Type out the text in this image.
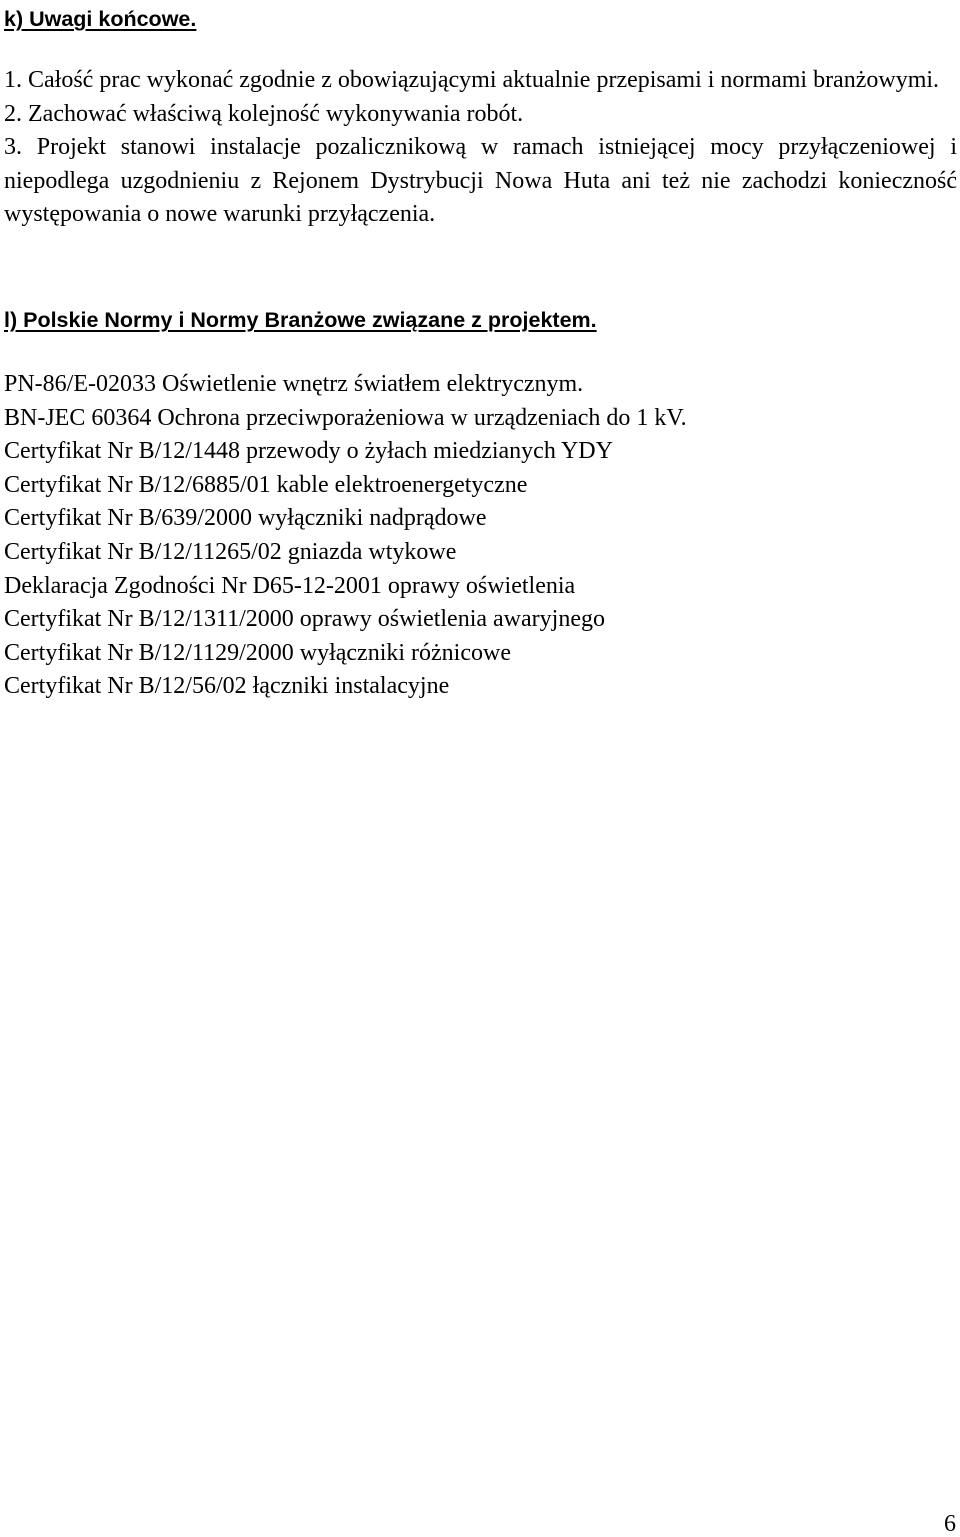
k) Uwagi końcowe.
1. Całość prac wykonać zgodnie z obowiązującymi aktualnie przepisami i normami branżowymi.
2. Zachować właściwą kolejność wykonywania robót.
3. Projekt stanowi instalacje pozalicznikową w ramach istniejącej mocy przyłączeniowej i niepodlega uzgodnieniu z Rejonem Dystrybucji Nowa Huta ani też nie zachodzi konieczność występowania o nowe warunki przyłączenia.
l) Polskie Normy i Normy Branżowe związane z projektem.
PN-86/E-02033 Oświetlenie wnętrz światłem elektrycznym.
BN-JEC 60364 Ochrona przeciwporażeniowa w urządzeniach do 1 kV.
Certyfikat Nr B/12/1448 przewody o żyłach miedzianych YDY
Certyfikat Nr B/12/6885/01 kable elektroenergetyczne
Certyfikat Nr B/639/2000 wyłączniki nadprądowe
Certyfikat Nr B/12/11265/02 gniazda wtykowe
Deklaracja Zgodności Nr D65-12-2001 oprawy oświetlenia
Certyfikat Nr B/12/1311/2000 oprawy oświetlenia awaryjnego
Certyfikat Nr B/12/1129/2000 wyłączniki różnicowe
Certyfikat Nr B/12/56/02 łączniki instalacyjne
6
